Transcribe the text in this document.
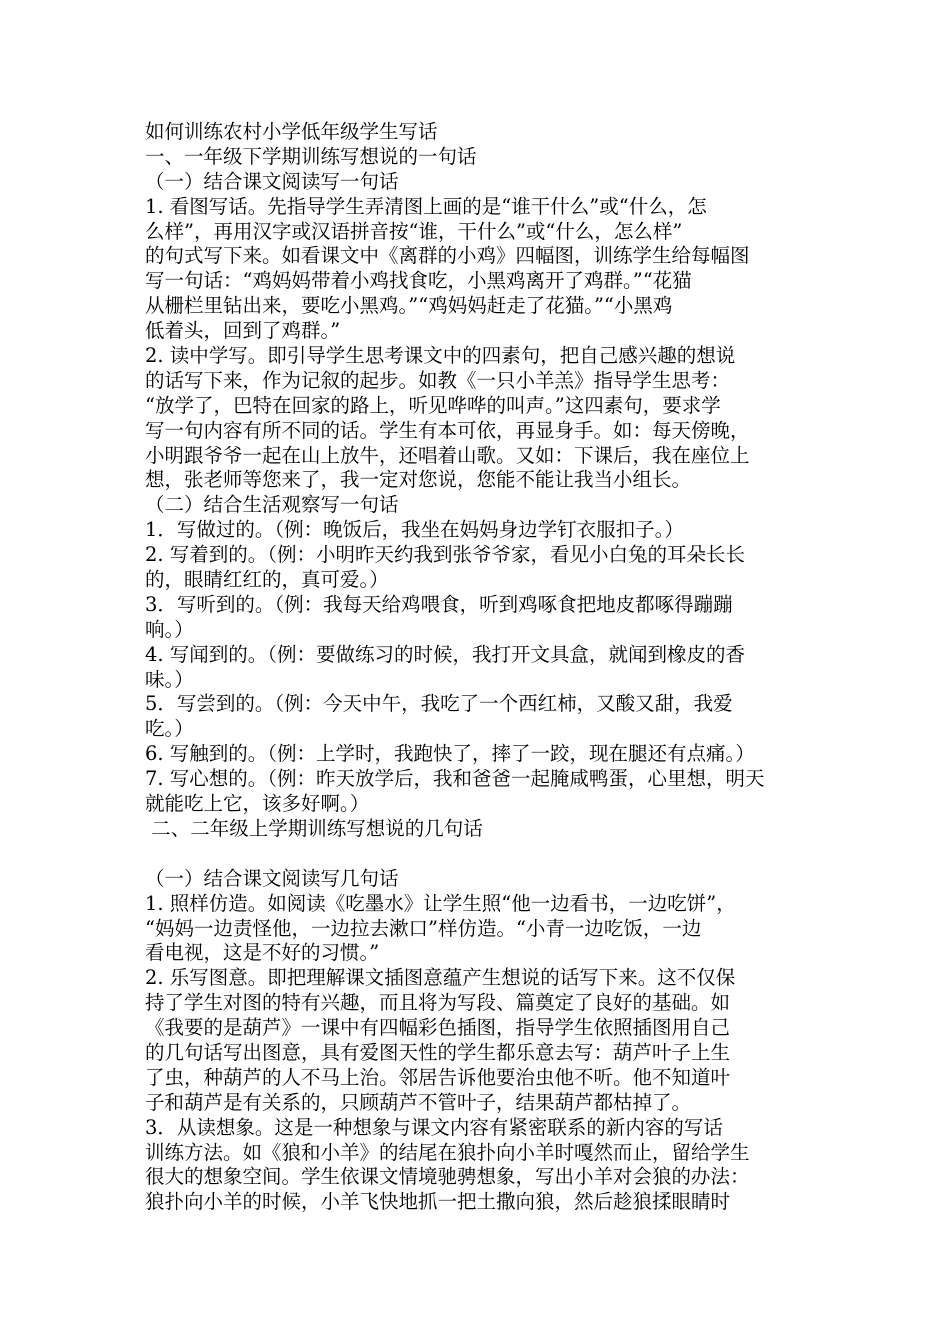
如何训练农村小学低年级学生写话
一、一年级下学期训练写想说的一句话
（一）结合课文阅读写一句话
1. 看图写话。先指导学生弄清图上画的是“谁干什么”或“什么，怎
么样”，再用汉字或汉语拼音按“谁，干什么”或“什么，怎么样”
的句式写下来。如看课文中《离群的小鸡》四幅图，训练学生给每幅图
写一句话：“鸡妈妈带着小鸡找食吃，小黑鸡离开了鸡群。”“花猫
从栅栏里钻出来，要吃小黑鸡。”“鸡妈妈赶走了花猫。”“小黑鸡
低着头，回到了鸡群。”
2. 读中学写。即引导学生思考课文中的四素句，把自己感兴趣的想说
的话写下来，作为记叙的起步。如教《一只小羊羔》指导学生思考：
“放学了，巴特在回家的路上，听见哗哗的叫声。”这四素句，要求学
写一句内容有所不同的话。学生有本可依，再显身手。如：每天傍晚，
小明跟爷爷一起在山上放牛，还唱着山歌。又如：下课后，我在座位上
想，张老师等您来了，我一定对您说，您能不能让我当小组长。
（二）结合生活观察写一句话
1．写做过的。（例：晚饭后，我坐在妈妈身边学钉衣服扣子。）
2. 写着到的。（例：小明昨天约我到张爷爷家，看见小白兔的耳朵长长
的，眼睛红红的，真可爱。）
3．写听到的。（例：我每天给鸡喂食，听到鸡啄食把地皮都啄得蹦蹦
响。）
4. 写闻到的。（例：要做练习的时候，我打开文具盒，就闻到橡皮的香
味。）
5．写尝到的。（例：今天中午，我吃了一个西红柿，又酸又甜，我爱
吃。）
6. 写触到的。（例：上学时，我跑快了，摔了一跤，现在腿还有点痛。）
7. 写心想的。（例：昨天放学后，我和爸爸一起腌咸鸭蛋，心里想，明天
就能吃上它，该多好啊。）
二、二年级上学期训练写想说的几句话
（一）结合课文阅读写几句话
1. 照样仿造。如阅读《吃墨水》让学生照“他一边看书，一边吃饼”，
“妈妈一边责怪他，一边拉去漱口”样仿造。“小青一边吃饭，一边
看电视，这是不好的习惯。”
2. 乐写图意。即把理解课文插图意蕴产生想说的话写下来。这不仅保
持了学生对图的特有兴趣，而且将为写段、篇奠定了良好的基础。如
《我要的是葫芦》一课中有四幅彩色插图，指导学生依照插图用自己
的几句话写出图意，具有爱图天性的学生都乐意去写：葫芦叶子上生
了虫，种葫芦的人不马上治。邻居告诉他要治虫他不听。他不知道叶
子和葫芦是有关系的，只顾葫芦不管叶子，结果葫芦都枯掉了。
3．从读想象。这是一种想象与课文内容有紧密联系的新内容的写话
训练方法。如《狼和小羊》的结尾在狼扑向小羊时嘎然而止，留给学生
很大的想象空间。学生依课文情境驰骋想象，写出小羊对会狼的办法：
狼扑向小羊的时候，小羊飞快地抓一把土撒向狼，然后趁狼揉眼睛时
